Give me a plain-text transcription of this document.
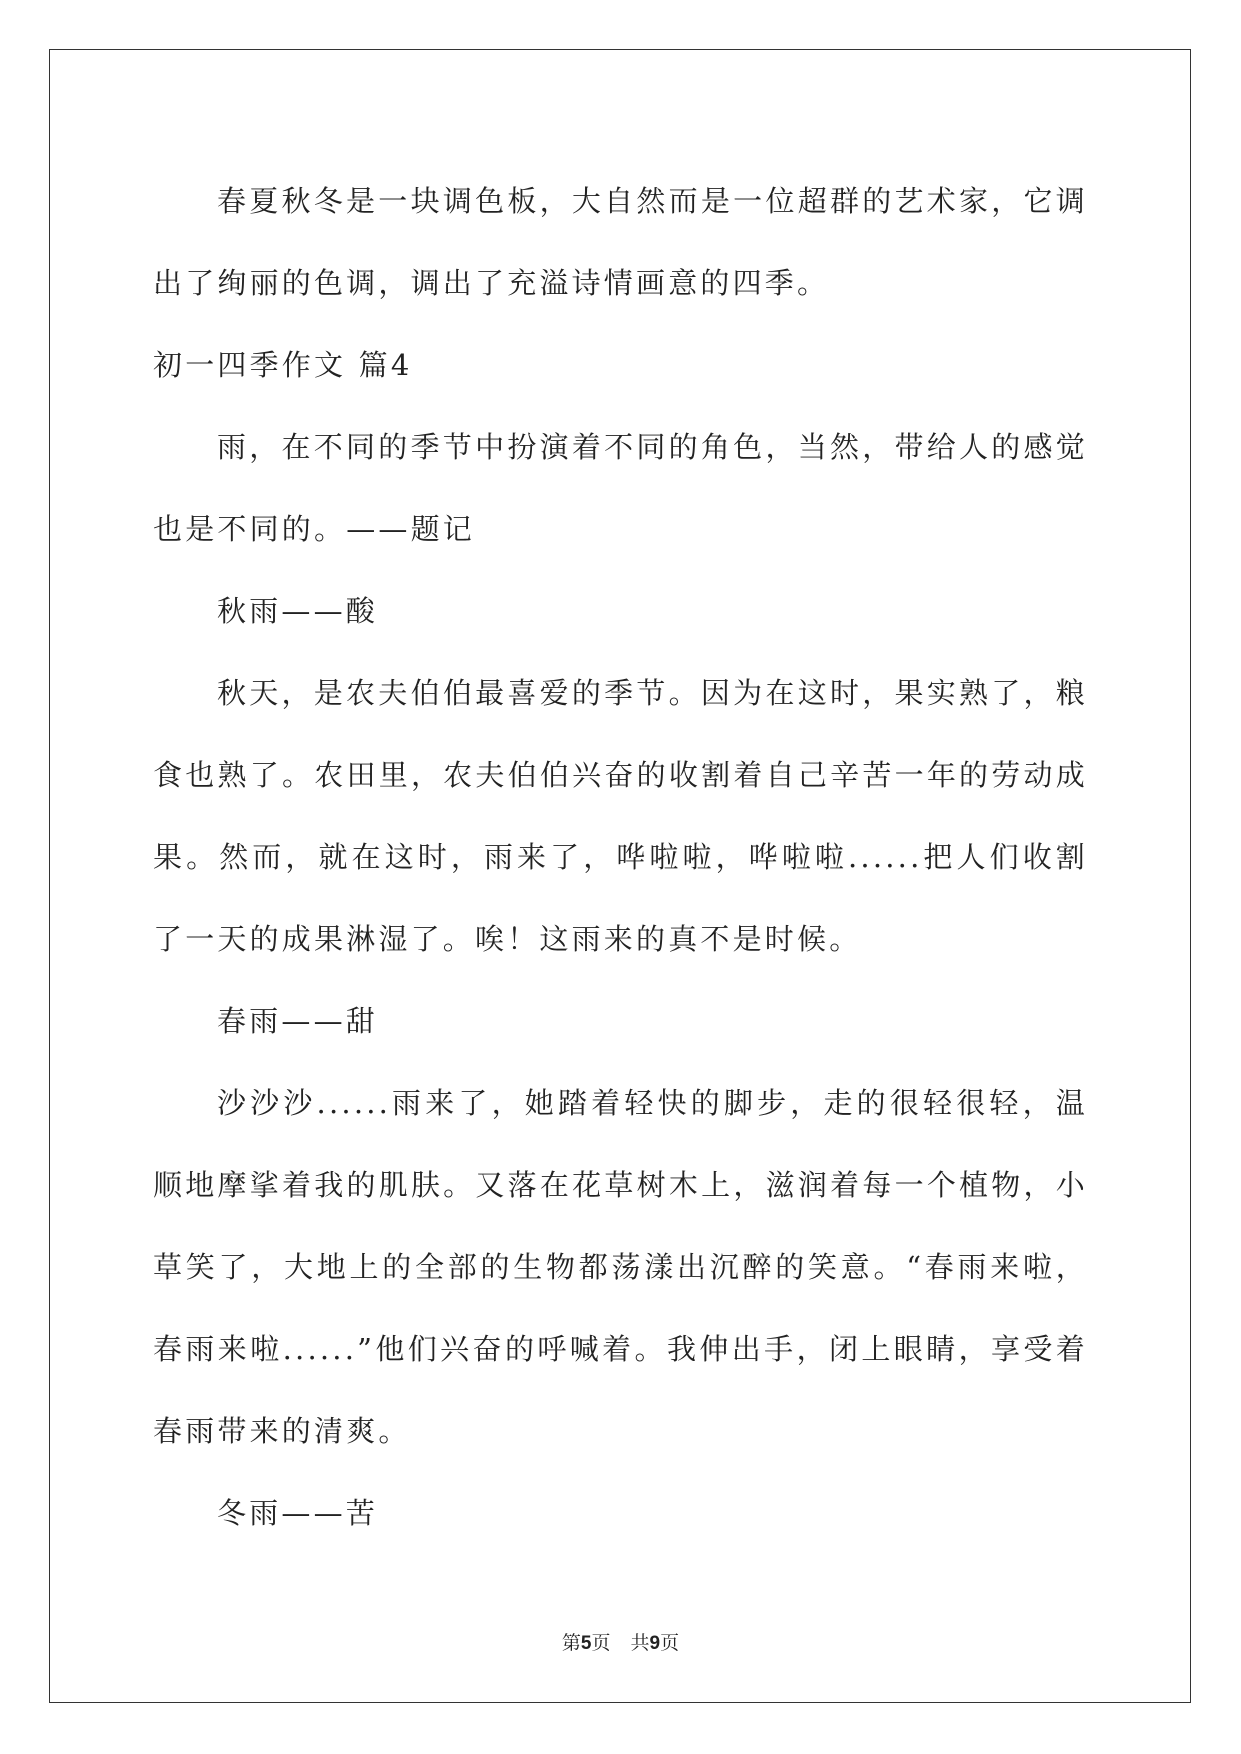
春夏秋冬是一块调色板，大自然而是一位超群的艺术家，它调出了绚丽的色调，调出了充溢诗情画意的四季。

初一四季作文 篇4

雨，在不同的季节中扮演着不同的角色，当然，带给人的感觉也是不同的。——题记

秋雨——酸

秋天，是农夫伯伯最喜爱的季节。因为在这时，果实熟了，粮食也熟了。农田里，农夫伯伯兴奋的收割着自己辛苦一年的劳动成果。然而，就在这时，雨来了，哗啦啦，哗啦啦......把人们收割了一天的成果淋湿了。唉！这雨来的真不是时候。

春雨——甜

沙沙沙......雨来了，她踏着轻快的脚步，走的很轻很轻，温顺地摩挲着我的肌肤。又落在花草树木上，滋润着每一个植物，小草笑了，大地上的全部的生物都荡漾出沉醉的笑意。“春雨来啦，春雨来啦......”他们兴奋的呼喊着。我伸出手，闭上眼睛，享受着春雨带来的清爽。

冬雨——苦

第5页 共9页
